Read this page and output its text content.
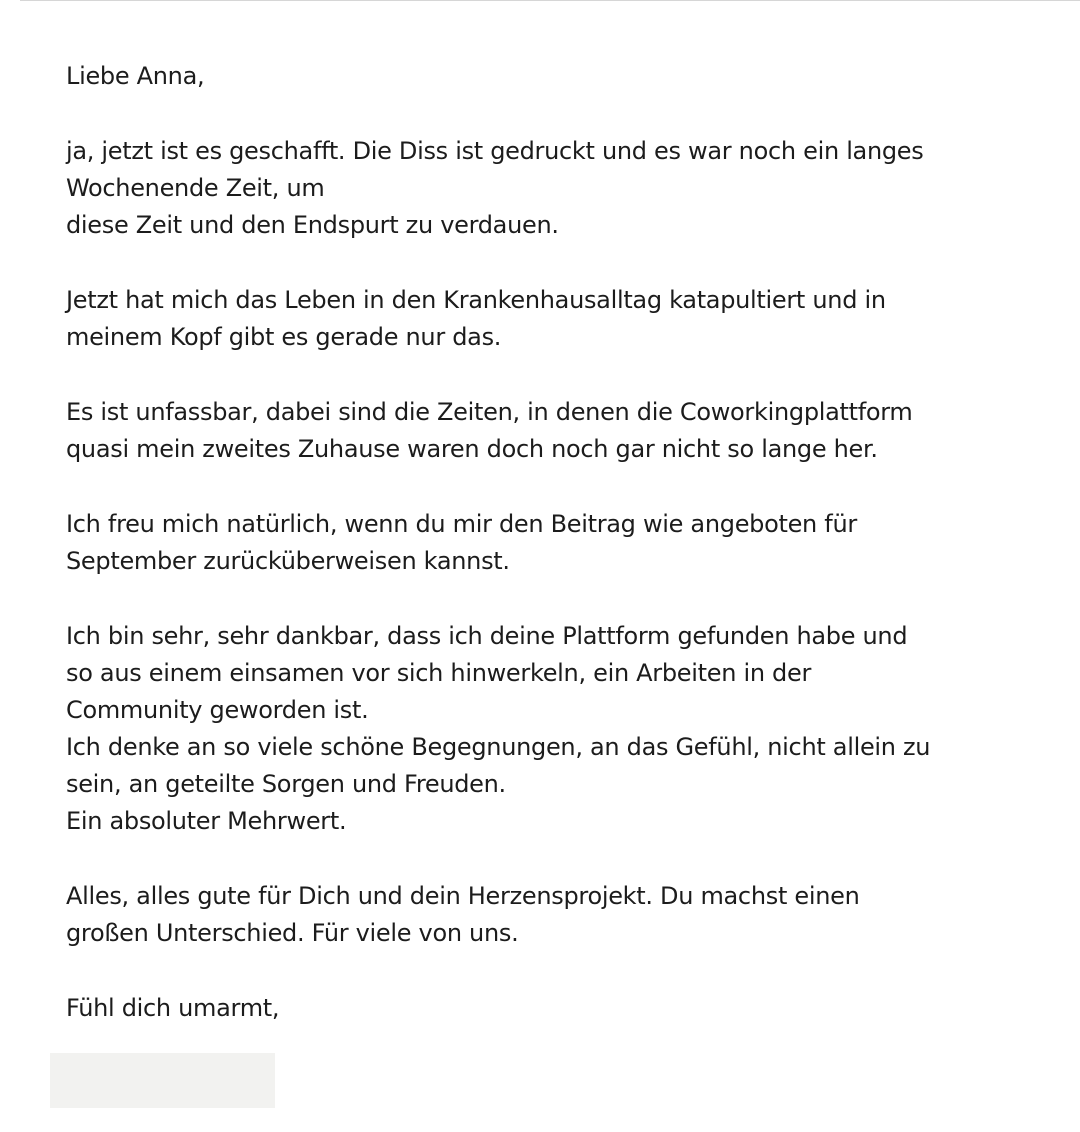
Liebe Anna,
ja, jetzt ist es geschafft. Die Diss ist gedruckt und es war noch ein langes
Wochenende Zeit, um
diese Zeit und den Endspurt zu verdauen.
Jetzt hat mich das Leben in den Krankenhausalltag katapultiert und in
meinem Kopf gibt es gerade nur das.
Es ist unfassbar, dabei sind die Zeiten, in denen die Coworkingplattform
quasi mein zweites Zuhause waren doch noch gar nicht so lange her.
Ich freu mich natürlich, wenn du mir den Beitrag wie angeboten für
September zurücküberweisen kannst.
Ich bin sehr, sehr dankbar, dass ich deine Plattform gefunden habe und
so aus einem einsamen vor sich hinwerkeln, ein Arbeiten in der
Community geworden ist.
Ich denke an so viele schöne Begegnungen, an das Gefühl, nicht allein zu
sein, an geteilte Sorgen und Freuden.
Ein absoluter Mehrwert.
Alles, alles gute für Dich und dein Herzensprojekt. Du machst einen
großen Unterschied. Für viele von uns.
Fühl dich umarmt,
